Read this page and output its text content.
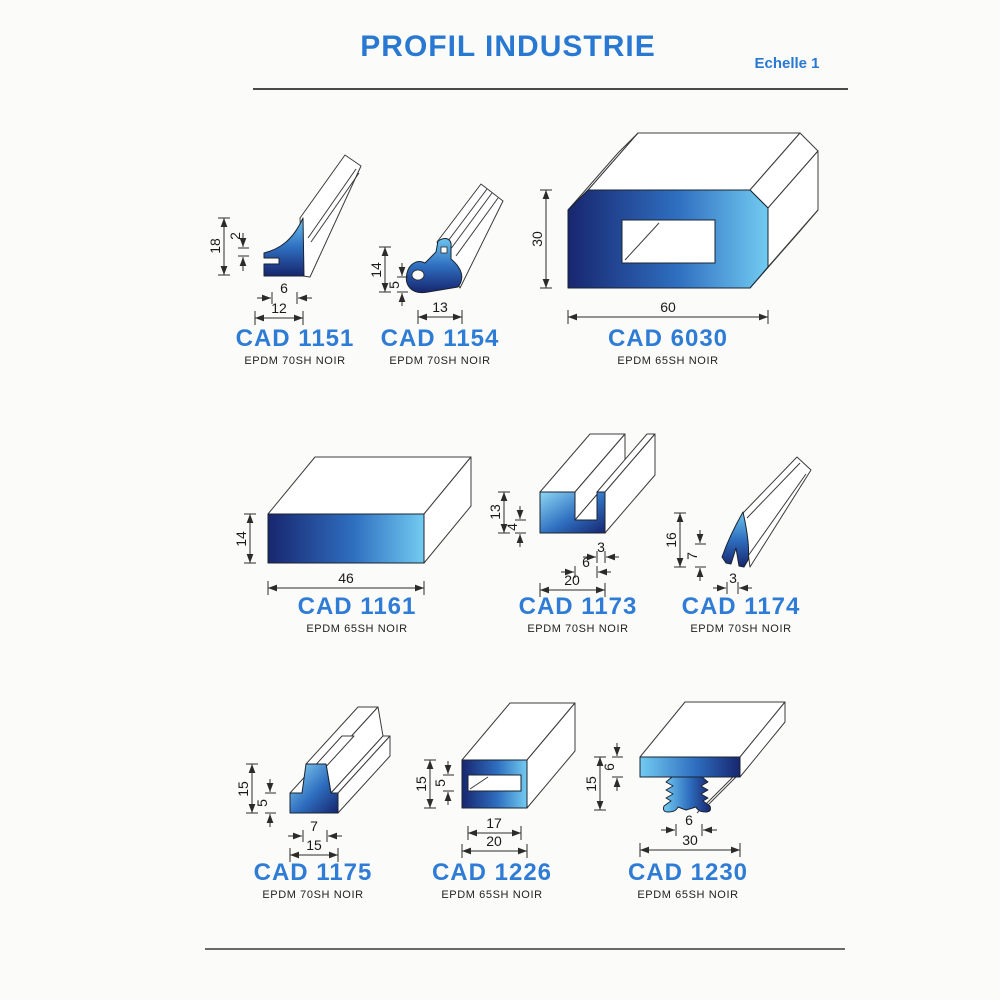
PROFIL INDUSTRIE
Echelle 1
18
2
6
12
14
5
13
30
60
14
46
13
4
3
6
20
16
7
3
15
5
7
15
15 5
17
20
15
6
6
30
CAD 1151
EPDM 70SH NOIR
CAD 1154
EPDM 70SH NOIR
CAD 6030
EPDM 65SH NOIR
CAD 1161
EPDM 65SH NOIR
CAD 1173
EPDM 70SH NOIR
CAD 1174
EPDM 70SH NOIR
CAD 1175
EPDM 70SH NOIR
CAD 1226
EPDM 65SH NOIR
CAD 1230
EPDM 65SH NOIR
